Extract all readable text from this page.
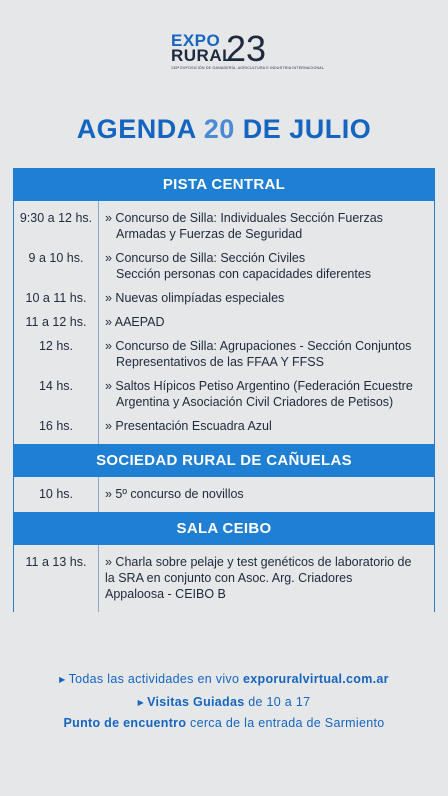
EXPO
RURAL
23
135ª EXPOSICIÓN DE GANADERÍA, AGRICULTURA E INDUSTRIA INTERNACIONAL
AGENDA 20 DE JULIO
PISTA CENTRAL
9:30 a 12 hs.
9 a 10 hs.
10 a 11 hs.
11 a 12 hs.
12 hs.
14 hs.
16 hs.
» Concurso de Silla: Individuales Sección Fuerzas
Armadas y Fuerzas de Seguridad
» Concurso de Silla: Sección Civiles
Sección personas con capacidades diferentes
» Nuevas olimpíadas especiales
» AAEPAD
» Concurso de Silla: Agrupaciones - Sección Conjuntos
Representativos de las FFAA Y FFSS
» Saltos Hípicos Petiso Argentino (Federación Ecuestre
Argentina y Asociación Civil Criadores de Petisos)
» Presentación Escuadra Azul
SOCIEDAD RURAL DE CAÑUELAS
10 hs.	» 5º concurso de novillos
SALA CEIBO
11 a 13 hs.	» Charla sobre pelaje y test genéticos de laboratorio de
la SRA en conjunto con Asoc. Arg. Criadores
Appaloosa - CEIBO B
▶ Todas las actividades en vivo exporuralvirtual.com.ar
▶ Visitas Guiadas de 10 a 17
Punto de encuentro cerca de la entrada de Sarmiento
